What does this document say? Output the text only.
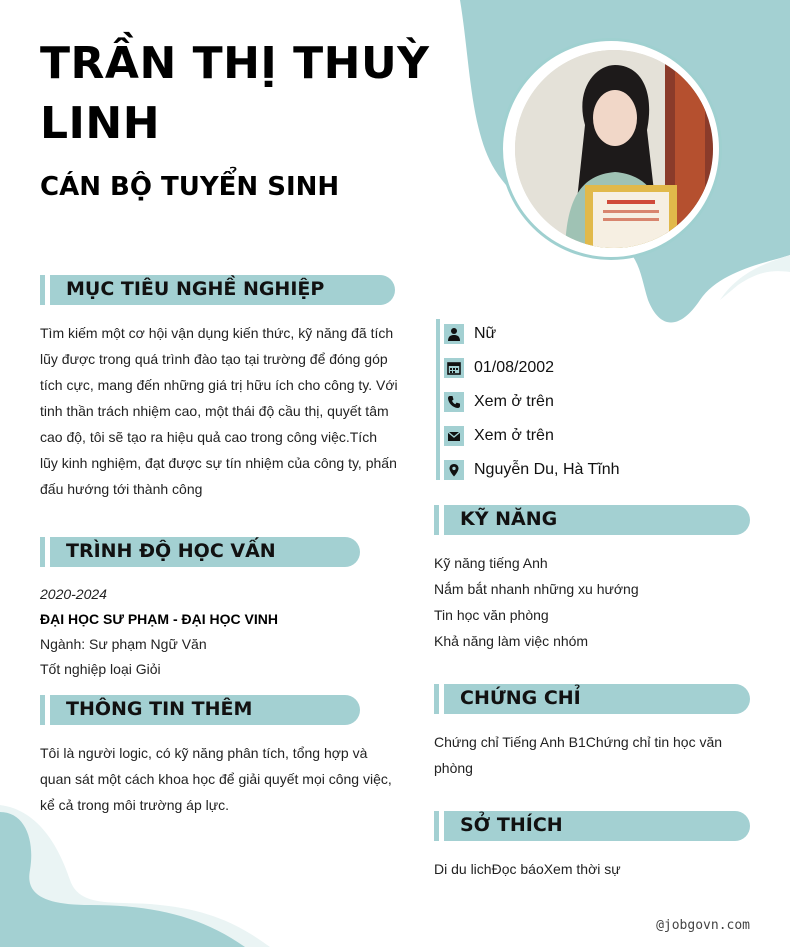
TRẦN THỊ THUỲ LINH
CÁN BỘ TUYỂN SINH
MỤC TIÊU NGHỀ NGHIỆP
Tìm kiếm một cơ hội vận dụng kiến thức, kỹ năng đã tích lũy được trong quá trình đào tạo tại trường để đóng góp tích cực, mang đến những giá trị hữu ích cho công ty. Với tinh thần trách nhiệm cao, một thái độ cầu thị, quyết tâm cao độ, tôi sẽ tạo ra hiệu quả cao trong công việc.Tích lũy kinh nghiệm, đạt được sự tín nhiệm của công ty, phấn đấu hướng tới thành công
TRÌNH ĐỘ HỌC VẤN
2020-2024
ĐẠI HỌC SƯ PHẠM - ĐẠI HỌC VINH
Ngành: Sư phạm Ngữ Văn
Tốt nghiệp loại Giỏi
THÔNG TIN THÊM
Tôi là người logic, có kỹ năng phân tích, tổng hợp và quan sát một cách khoa học để giải quyết mọi công việc, kể cả trong môi trường áp lực.
Nữ
01/08/2002
Xem ở trên
Xem ở trên
Nguyễn Du, Hà Tĩnh
KỸ NĂNG
Kỹ năng tiếng Anh
Nắm bắt nhanh những xu hướng
Tin học văn phòng
Khả năng làm việc nhóm
CHỨNG CHỈ
Chứng chỉ Tiếng Anh B1Chứng chỉ tin học văn phòng
SỞ THÍCH
Di du lichĐọc báoXem thời sự
@jobgovn.com
